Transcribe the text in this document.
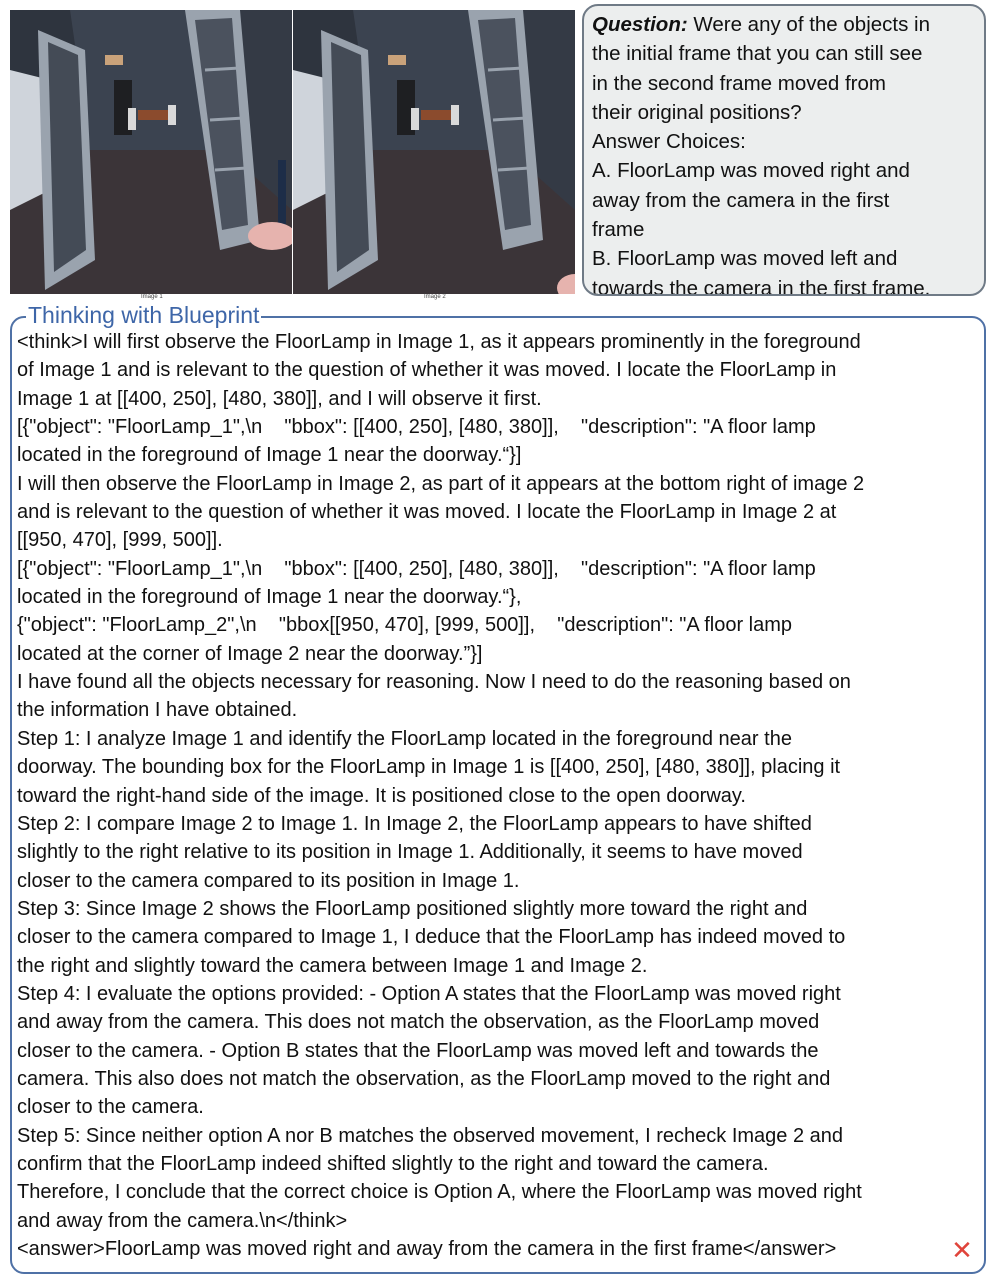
Image 1	Image 2
Question: Were any of the objects in
the initial frame that you can still see
in the second frame moved from
their original positions?
Answer Choices:
A. FloorLamp was moved right and
away from the camera in the first
frame
B. FloorLamp was moved left and
towards the camera in the first frame.
Thinking with Blueprint
<think>I will first observe the FloorLamp in Image 1, as it appears prominently in the foreground
of Image 1 and is relevant to the question of whether it was moved. I locate the FloorLamp in
Image 1 at [[400, 250], [480, 380]], and I will observe it first.
[{"object": "FloorLamp_1",\n    "bbox": [[400, 250], [480, 380]],    "description": "A floor lamp
located in the foreground of Image 1 near the doorway.“}]
I will then observe the FloorLamp in Image 2, as part of it appears at the bottom right of image 2
and is relevant to the question of whether it was moved. I locate the FloorLamp in Image 2 at
[[950, 470], [999, 500]].
[{"object": "FloorLamp_1",\n    "bbox": [[400, 250], [480, 380]],    "description": "A floor lamp
located in the foreground of Image 1 near the doorway.“},
{"object": "FloorLamp_2",\n    "bbox[[950, 470], [999, 500]],    "description": "A floor lamp
located at the corner of Image 2 near the doorway.”}]
I have found all the objects necessary for reasoning. Now I need to do the reasoning based on
the information I have obtained.
Step 1: I analyze Image 1 and identify the FloorLamp located in the foreground near the
doorway. The bounding box for the FloorLamp in Image 1 is [[400, 250], [480, 380]], placing it
toward the right-hand side of the image. It is positioned close to the open doorway.
Step 2: I compare Image 2 to Image 1. In Image 2, the FloorLamp appears to have shifted
slightly to the right relative to its position in Image 1. Additionally, it seems to have moved
closer to the camera compared to its position in Image 1.
Step 3: Since Image 2 shows the FloorLamp positioned slightly more toward the right and
closer to the camera compared to Image 1, I deduce that the FloorLamp has indeed moved to
the right and slightly toward the camera between Image 1 and Image 2.
Step 4: I evaluate the options provided: - Option A states that the FloorLamp was moved right
and away from the camera. This does not match the observation, as the FloorLamp moved
closer to the camera. - Option B states that the FloorLamp was moved left and towards the
camera. This also does not match the observation, as the FloorLamp moved to the right and
closer to the camera.
Step 5: Since neither option A nor B matches the observed movement, I recheck Image 2 and
confirm that the FloorLamp indeed shifted slightly to the right and toward the camera.
Therefore, I conclude that the correct choice is Option A, where the FloorLamp was moved right
and away from the camera.\n</think>
<answer>FloorLamp was moved right and away from the camera in the first frame</answer>	✕
